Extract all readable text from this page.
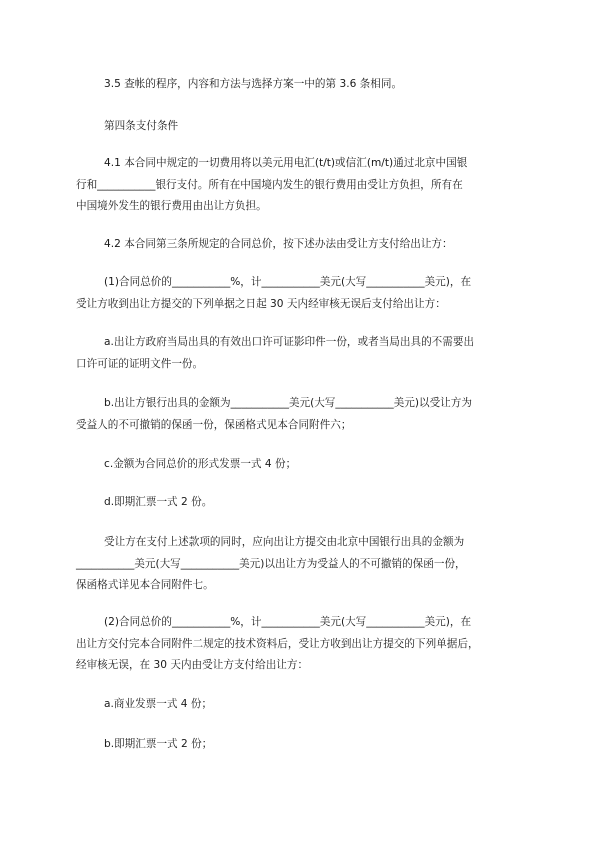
3.5 查帐的程序，内容和方法与选择方案一中的第 3.6 条相同。
第四条支付条件
4.1 本合同中规定的一切费用将以美元用电汇(t/t)或信汇(m/t)通过北京中国银
行和___________银行支付。所有在中国境内发生的银行费用由受让方负担，所有在
中国境外发生的银行费用由出让方负担。
4.2 本合同第三条所规定的合同总价，按下述办法由受让方支付给出让方：
(1)合同总价的___________%，计___________美元(大写___________美元)，在
受让方收到出让方提交的下列单据之日起 30 天内经审核无误后支付给出让方：
a.出让方政府当局出具的有效出口许可证影印件一份，或者当局出具的不需要出
口许可证的证明文件一份。
b.出让方银行出具的金额为___________美元(大写___________美元)以受让方为
受益人的不可撤销的保函一份，保函格式见本合同附件六；
c.金额为合同总价的形式发票一式 4 份；
d.即期汇票一式 2 份。
受让方在支付上述款项的同时，应向出让方提交由北京中国银行出具的金额为
___________美元(大写___________美元)以出让方为受益人的不可撤销的保函一份，
保函格式详见本合同附件七。
(2)合同总价的___________%，计___________美元(大写___________美元)，在
出让方交付完本合同附件二规定的技术资料后，受让方收到出让方提交的下列单据后，
经审核无误，在 30 天内由受让方支付给出让方：
a.商业发票一式 4 份；
b.即期汇票一式 2 份；
